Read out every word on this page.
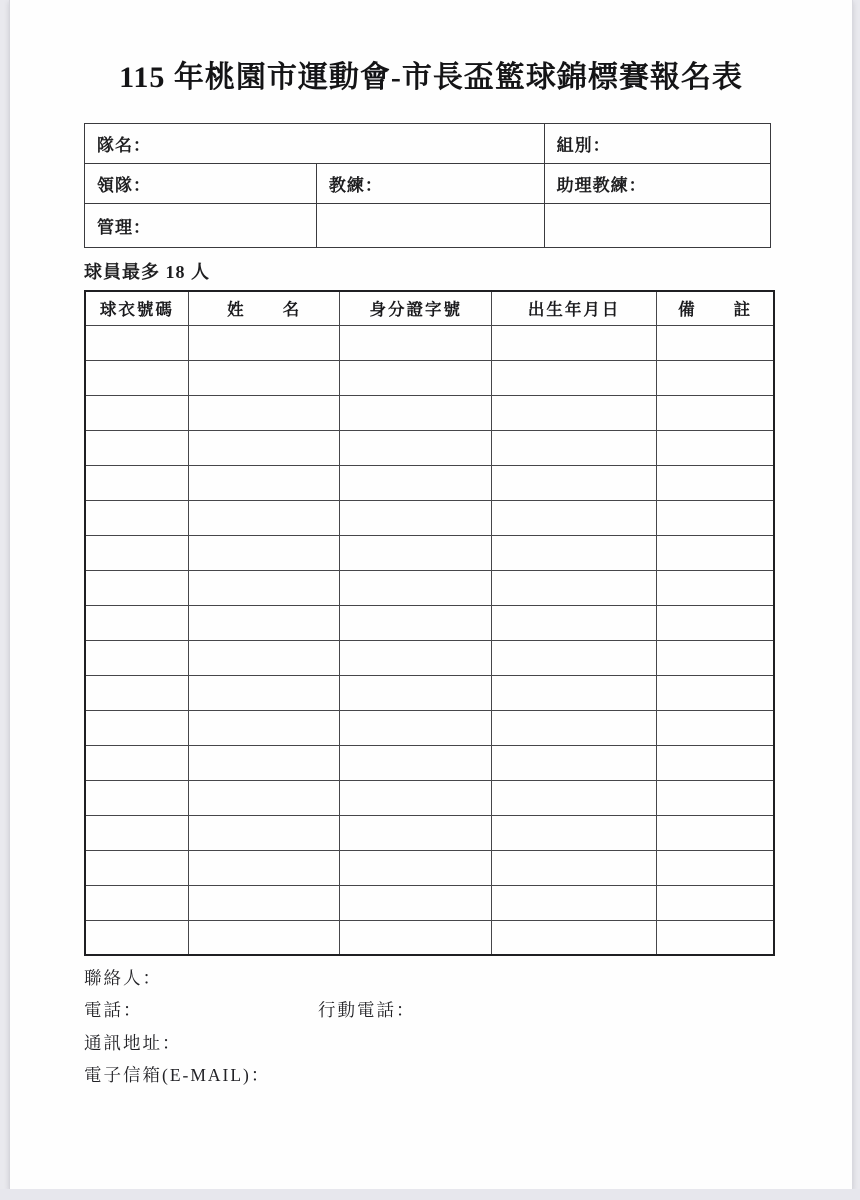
115 年桃園市運動會-市長盃籃球錦標賽報名表
隊名：		組別：
領隊：	教練：	助理教練：
管理：		
球員最多 18 人
球衣號碼	姓　　名	身分證字號	出生年月日	備　　註

聯絡人：
電話：	行動電話：
通訊地址：
電子信箱(E-MAIL)：
